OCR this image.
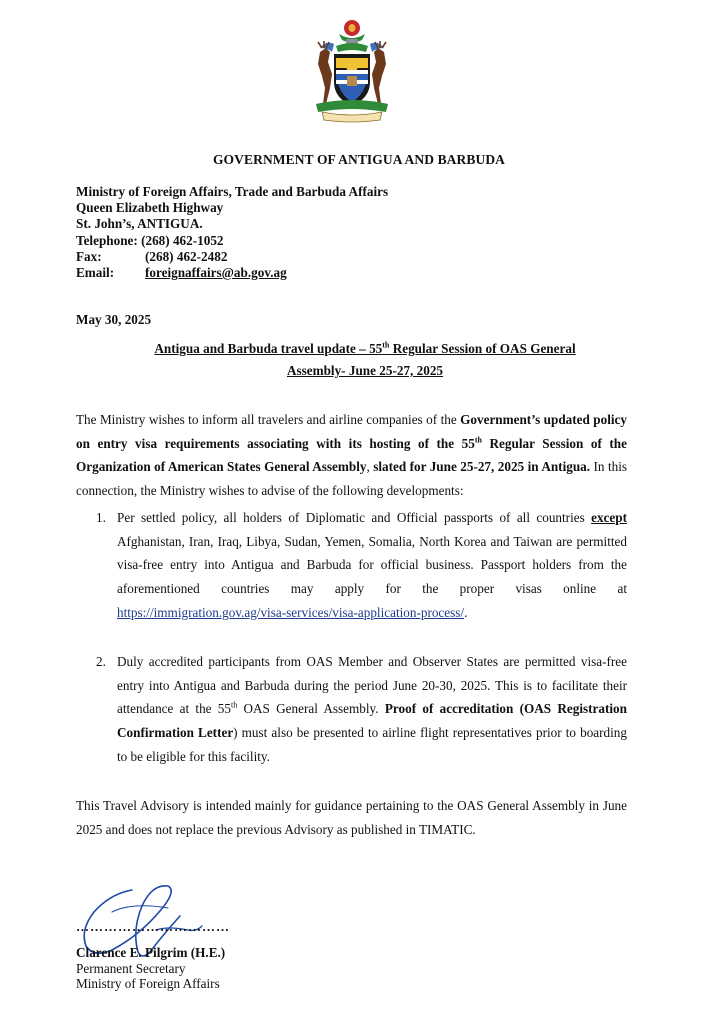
GOVERNMENT OF ANTIGUA AND BARBUDA
Ministry of Foreign Affairs, Trade and Barbuda Affairs
Queen Elizabeth Highway
St. John’s, ANTIGUA.
Telephone: (268) 462-1052
Fax:	(268) 462-2482
Email: foreignaffairs@ab.gov.ag
May 30, 2025
Antigua and Barbuda travel update – 55th Regular Session of OAS General Assembly- June 25-27, 2025
The Ministry wishes to inform all travelers and airline companies of the Government’s updated policy on entry visa requirements associating with its hosting of the 55th Regular Session of the Organization of American States General Assembly, slated for June 25-27, 2025 in Antigua. In this connection, the Ministry wishes to advise of the following developments:
1. Per settled policy, all holders of Diplomatic and Official passports of all countries except Afghanistan, Iran, Iraq, Libya, Sudan, Yemen, Somalia, North Korea and Taiwan are permitted visa-free entry into Antigua and Barbuda for official business. Passport holders from the aforementioned countries may apply for the proper visas online at https://immigration.gov.ag/visa-services/visa-application-process/.
2. Duly accredited participants from OAS Member and Observer States are permitted visa-free entry into Antigua and Barbuda during the period June 20-30, 2025. This is to facilitate their attendance at the 55th OAS General Assembly. Proof of accreditation (OAS Registration Confirmation Letter) must also be presented to airline flight representatives prior to boarding to be eligible for this facility.
This Travel Advisory is intended mainly for guidance pertaining to the OAS General Assembly in June 2025 and does not replace the previous Advisory as published in TIMATIC.
……………………………
Clarence E. Pilgrim (H.E.)
Permanent Secretary
Ministry of Foreign Affairs
